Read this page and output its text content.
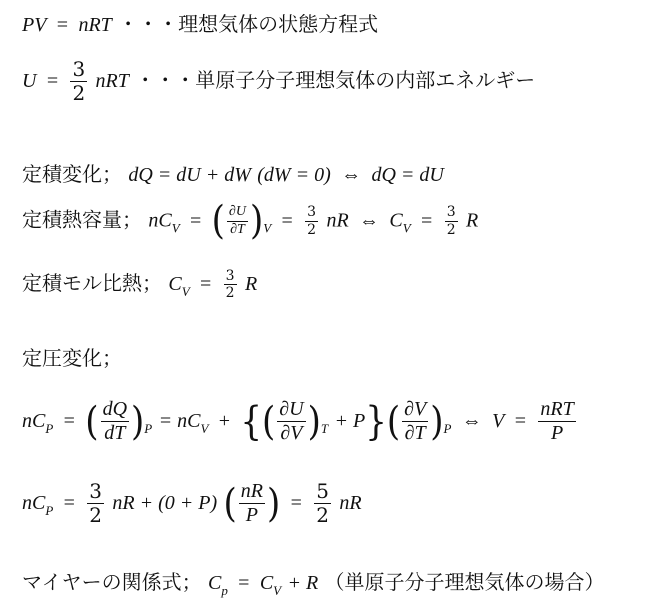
PV = nRT ・・・理想気体の状態方程式
$U = \frac{3}{2}$ nRT ・・・単原子分子理想気体の内部エネルギー
定積変化； dQ = dU + dW (dW = 0) ⇔ dQ = dU
定積熱容量； $nC_V$ = ( $\frac{\partial U}{\partial T} )_V = \frac{3}{2}$ nR ⇔ $C_V = \frac{3}{2}$ R
定積モル比熱； $C_V = \frac{3}{2}$ R
定圧変化；
$nC_P$ = ( $\frac{dQ}{dT} )_P = nC_V$ + {( $\frac{\partial U}{\partial V} )_T + P\}( \frac{\partial V}{\partial T} )_P$ ⇔ $V = \frac{\text{nRT}}{P}$
$nC_P = \frac{3}{2}$ nR + (0 + P) ( $\frac{nR}{P}$ ) = $\frac{5}{2}$ nR
マイヤーの関係式； $C_p = C_V + R$ （単原子分子理想気体の場合）
